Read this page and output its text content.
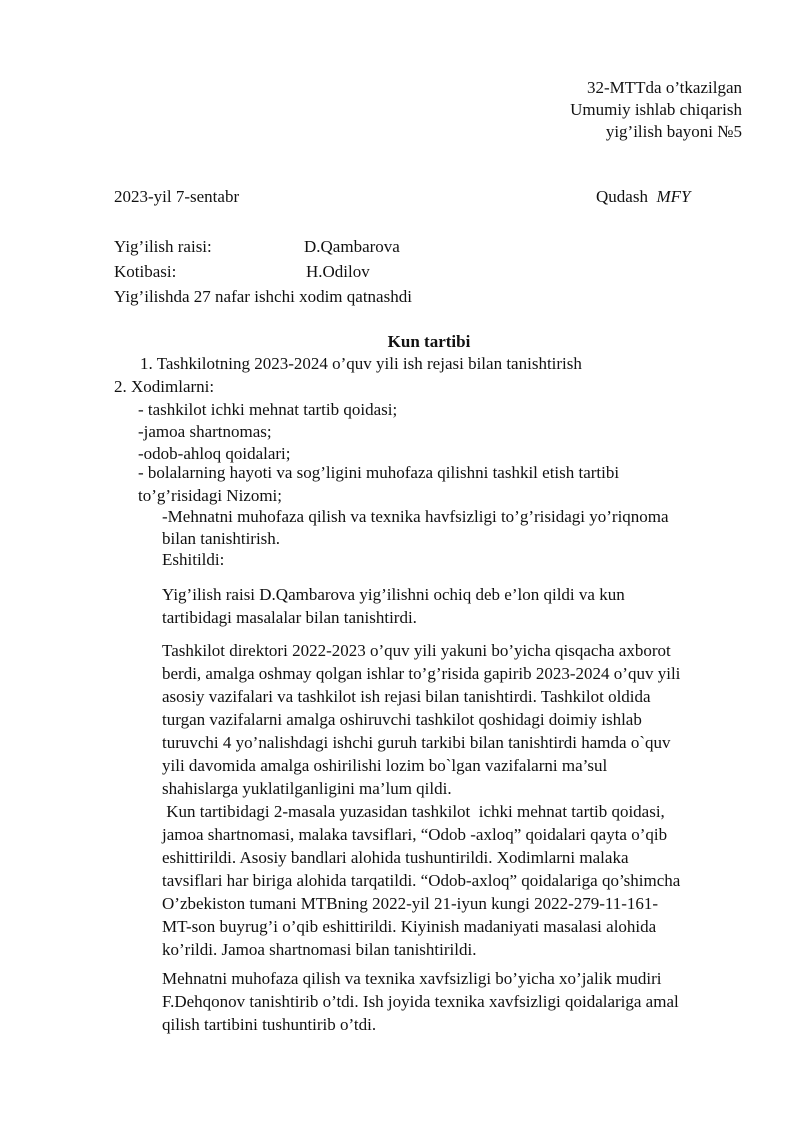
32-MTTda o’tkazilgan
Umumiy ishlab chiqarish
yig’ilish bayoni №5
2023-yil 7-sentabr	Qudash MFY
Yig’ilish raisi:	D.Qambarova
Kotibasi:	H.Odilov
Yig’ilishda 27 nafar ishchi xodim qatnashdi
Kun tartibi
1. Tashkilotning 2023-2024 o’quv yili ish rejasi bilan tanishtirish
2. Xodimlarni:
- tashkilot ichki mehnat tartib qoidasi;
-jamoa shartnomas;
-odob-ahloq qoidalari;
- bolalarning hayoti va sog’ligini muhofaza qilishni tashkil etish tartibi
to’g’risidagi Nizomi;
-Mehnatni muhofaza qilish va texnika havfsizligi to’g’risidagi yo’riqnoma
bilan tanishtirish.
Eshitildi:
Yig’ilish raisi D.Qambarova yig’ilishni ochiq deb e’lon qildi va kun
tartibidagi masalalar bilan tanishtirdi.
Tashkilot direktori 2022-2023 o’quv yili yakuni bo’yicha qisqacha axborot
berdi, amalga oshmay qolgan ishlar to’g’risida gapirib 2023-2024 o’quv yili
asosiy vazifalari va tashkilot ish rejasi bilan tanishtirdi. Tashkilot oldida
turgan vazifalarni amalga oshiruvchi tashkilot qoshidagi doimiy ishlab
turuvchi 4 yo’nalishdagi ishchi guruh tarkibi bilan tanishtirdi hamda o`quv
yili davomida amalga oshirilishi lozim bo`lgan vazifalarni ma’sul
shahislarga yuklatilganligini ma’lum qildi.
Kun tartibidagi 2-masala yuzasidan tashkilot  ichki mehnat tartib qoidasi,
jamoa shartnomasi, malaka tavsiflari, “Odob -axloq” qoidalari qayta o’qib
eshittirildi. Asosiy bandlari alohida tushuntirildi. Xodimlarni malaka
tavsiflari har biriga alohida tarqatildi. “Odob-axloq” qoidalariga qo’shimcha
O’zbekiston tumani MTBning 2022-yil 21-iyun kungi 2022-279-11-161-
MT-son buyrug’i o’qib eshittirildi. Kiyinish madaniyati masalasi alohida
ko’rildi. Jamoa shartnomasi bilan tanishtirildi.
Mehnatni muhofaza qilish va texnika xavfsizligi bo’yicha xo’jalik mudiri
F.Dehqonov tanishtirib o’tdi. Ish joyida texnika xavfsizligi qoidalariga amal
qilish tartibini tushuntirib o’tdi.
